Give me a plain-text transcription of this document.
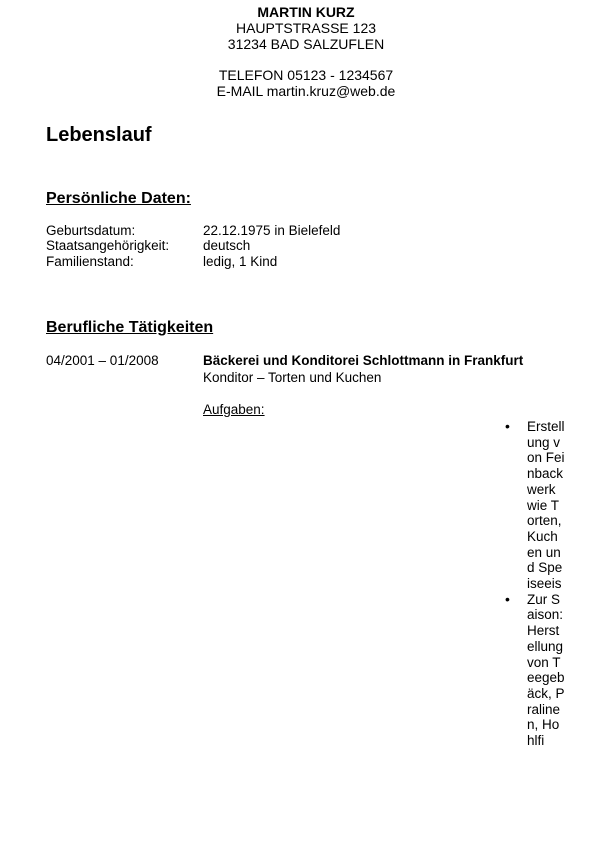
MARTIN KURZ
HAUPTSTRASSE 123
31234 BAD SALZUFLEN
TELEFON 05123 - 1234567
E-MAIL martin.kruz@web.de
Lebenslauf
Persönliche Daten:
Geburtsdatum:	22.12.1975 in Bielefeld
Staatsangehörigkeit:	deutsch
Familienstand:	ledig, 1 Kind
Berufliche Tätigkeiten
04/2001 – 01/2008	Bäckerei und Konditorei Schlottmann in Frankfurt
Konditor – Torten und Kuchen
Aufgaben:
• Erstellung von Feinbackwerk wie Torten, Kuchen und Speiseeis
• Zur Saison: Herstellung von Teegebäck, Pralinen, Hohlfi
